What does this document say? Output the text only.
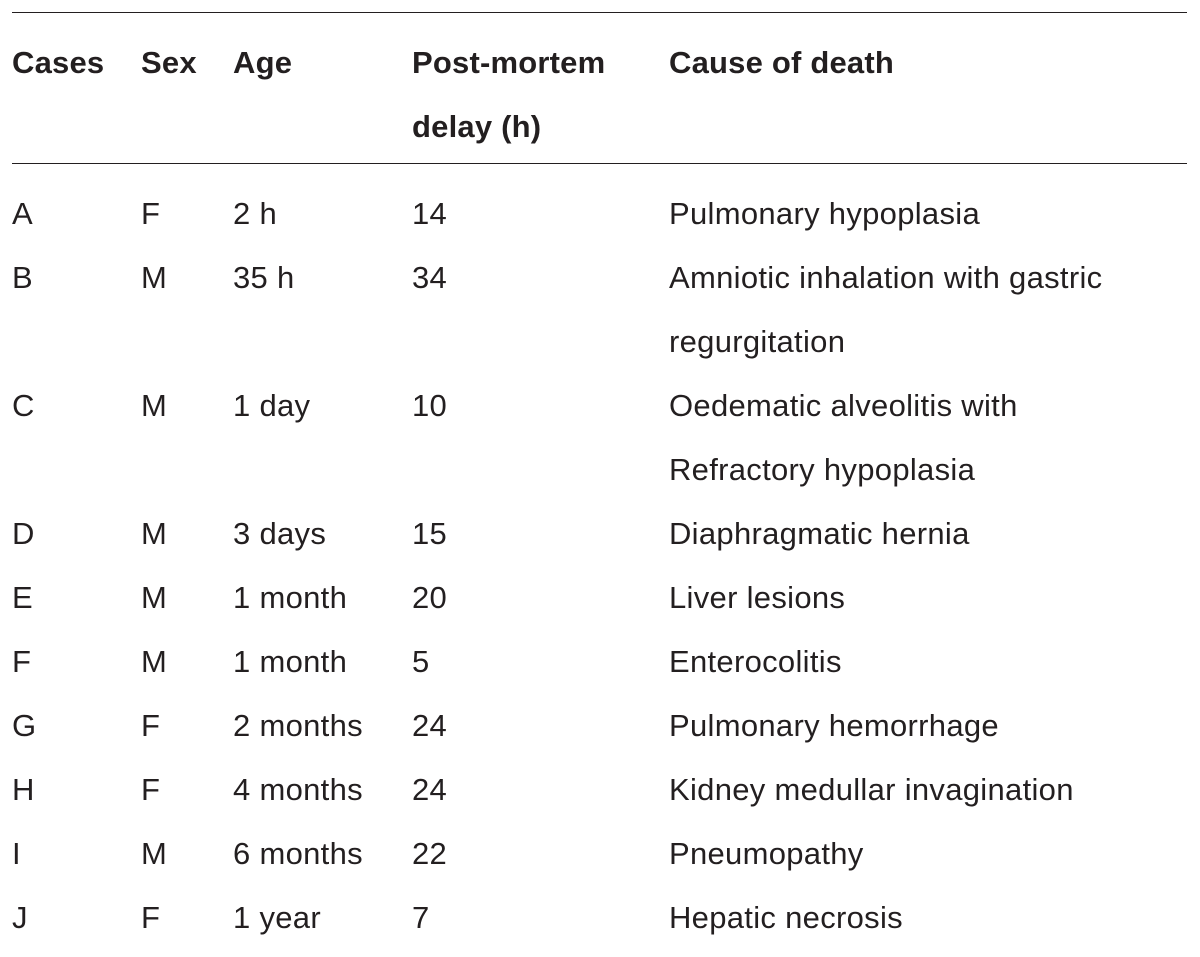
Cases	Sex	Age	Post-mortem	Cause of death
			delay (h)	
A	F	2 h	14	Pulmonary hypoplasia

B	M	35 h	34	Amniotic inhalation with gastric
regurgitation

C	M	1 day	10	Oedematic alveolitis with
Refractory hypoplasia

D	M	3 days	15	Diaphragmatic hernia

E	M	1 month	20	Liver lesions

F	M	1 month	5	Enterocolitis

G	F	2 months	24	Pulmonary hemorrhage

H	F	4 months	24	Kidney medullar invagination

I	M	6 months	22	Pneumopathy

J	F	1 year	7	Hepatic necrosis
